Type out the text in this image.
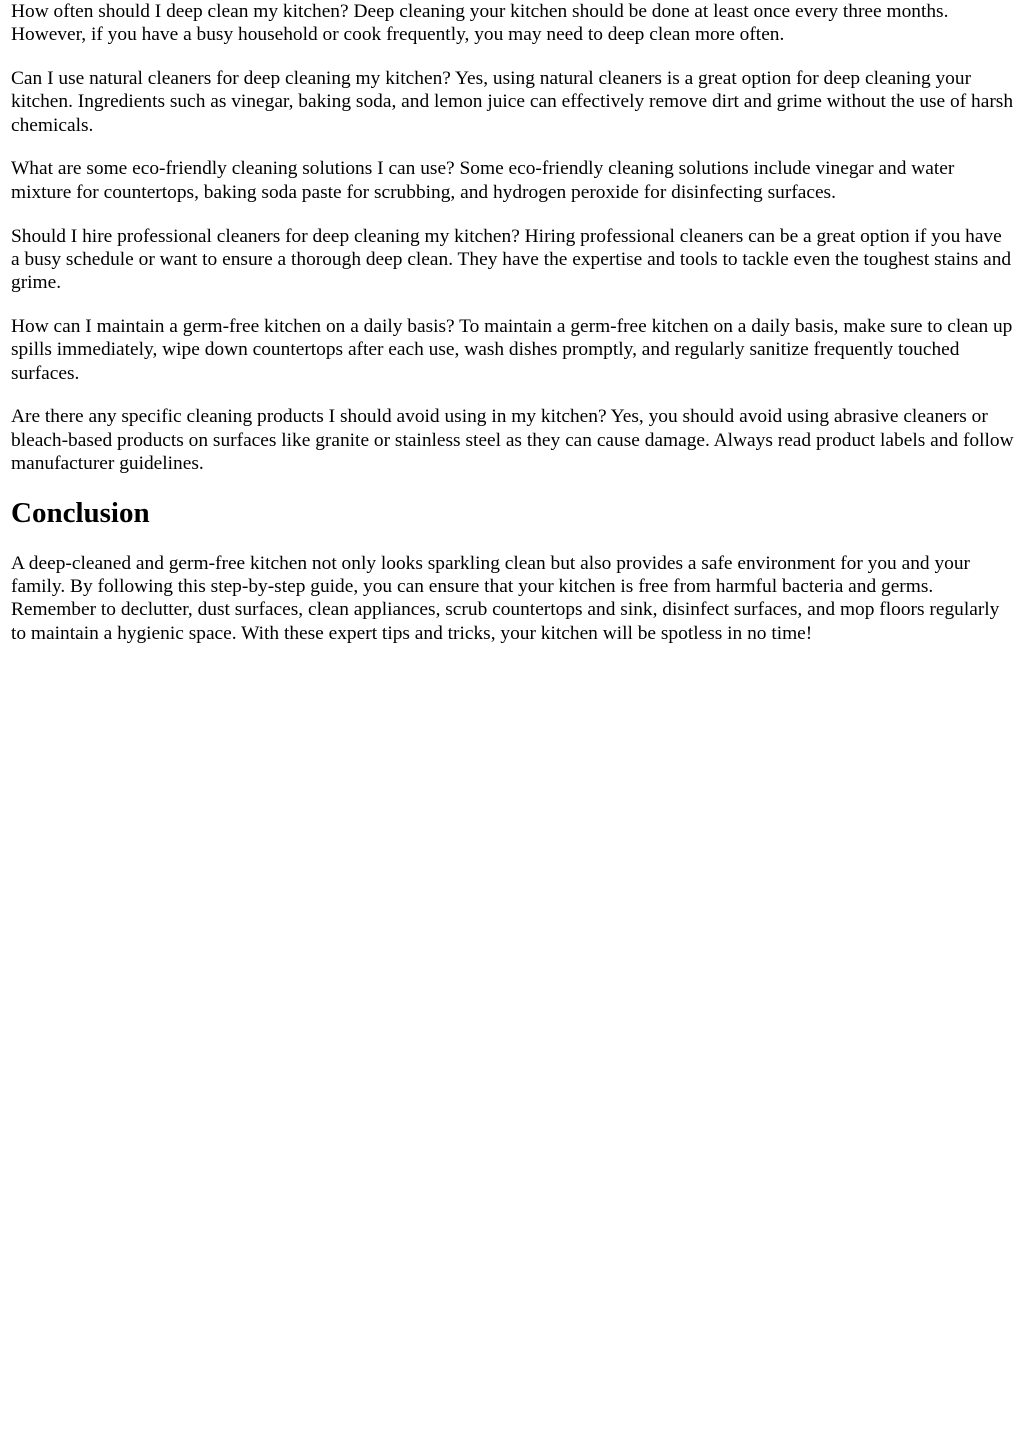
How often should I deep clean my kitchen? Deep cleaning your kitchen should be done at least once every three months. However, if you have a busy household or cook frequently, you may need to deep clean more often.

Can I use natural cleaners for deep cleaning my kitchen? Yes, using natural cleaners is a great option for deep cleaning your kitchen. Ingredients such as vinegar, baking soda, and lemon juice can effectively remove dirt and grime without the use of harsh chemicals.

What are some eco-friendly cleaning solutions I can use? Some eco-friendly cleaning solutions include vinegar and water mixture for countertops, baking soda paste for scrubbing, and hydrogen peroxide for disinfecting surfaces.

Should I hire professional cleaners for deep cleaning my kitchen? Hiring professional cleaners can be a great option if you have a busy schedule or want to ensure a thorough deep clean. They have the expertise and tools to tackle even the toughest stains and grime.

How can I maintain a germ-free kitchen on a daily basis? To maintain a germ-free kitchen on a daily basis, make sure to clean up spills immediately, wipe down countertops after each use, wash dishes promptly, and regularly sanitize frequently touched surfaces.

Are there any specific cleaning products I should avoid using in my kitchen? Yes, you should avoid using abrasive cleaners or bleach-based products on surfaces like granite or stainless steel as they can cause damage. Always read product labels and follow manufacturer guidelines.

Conclusion

A deep-cleaned and germ-free kitchen not only looks sparkling clean but also provides a safe environment for you and your family. By following this step-by-step guide, you can ensure that your kitchen is free from harmful bacteria and germs. Remember to declutter, dust surfaces, clean appliances, scrub countertops and sink, disinfect surfaces, and mop floors regularly to maintain a hygienic space. With these expert tips and tricks, your kitchen will be spotless in no time!
